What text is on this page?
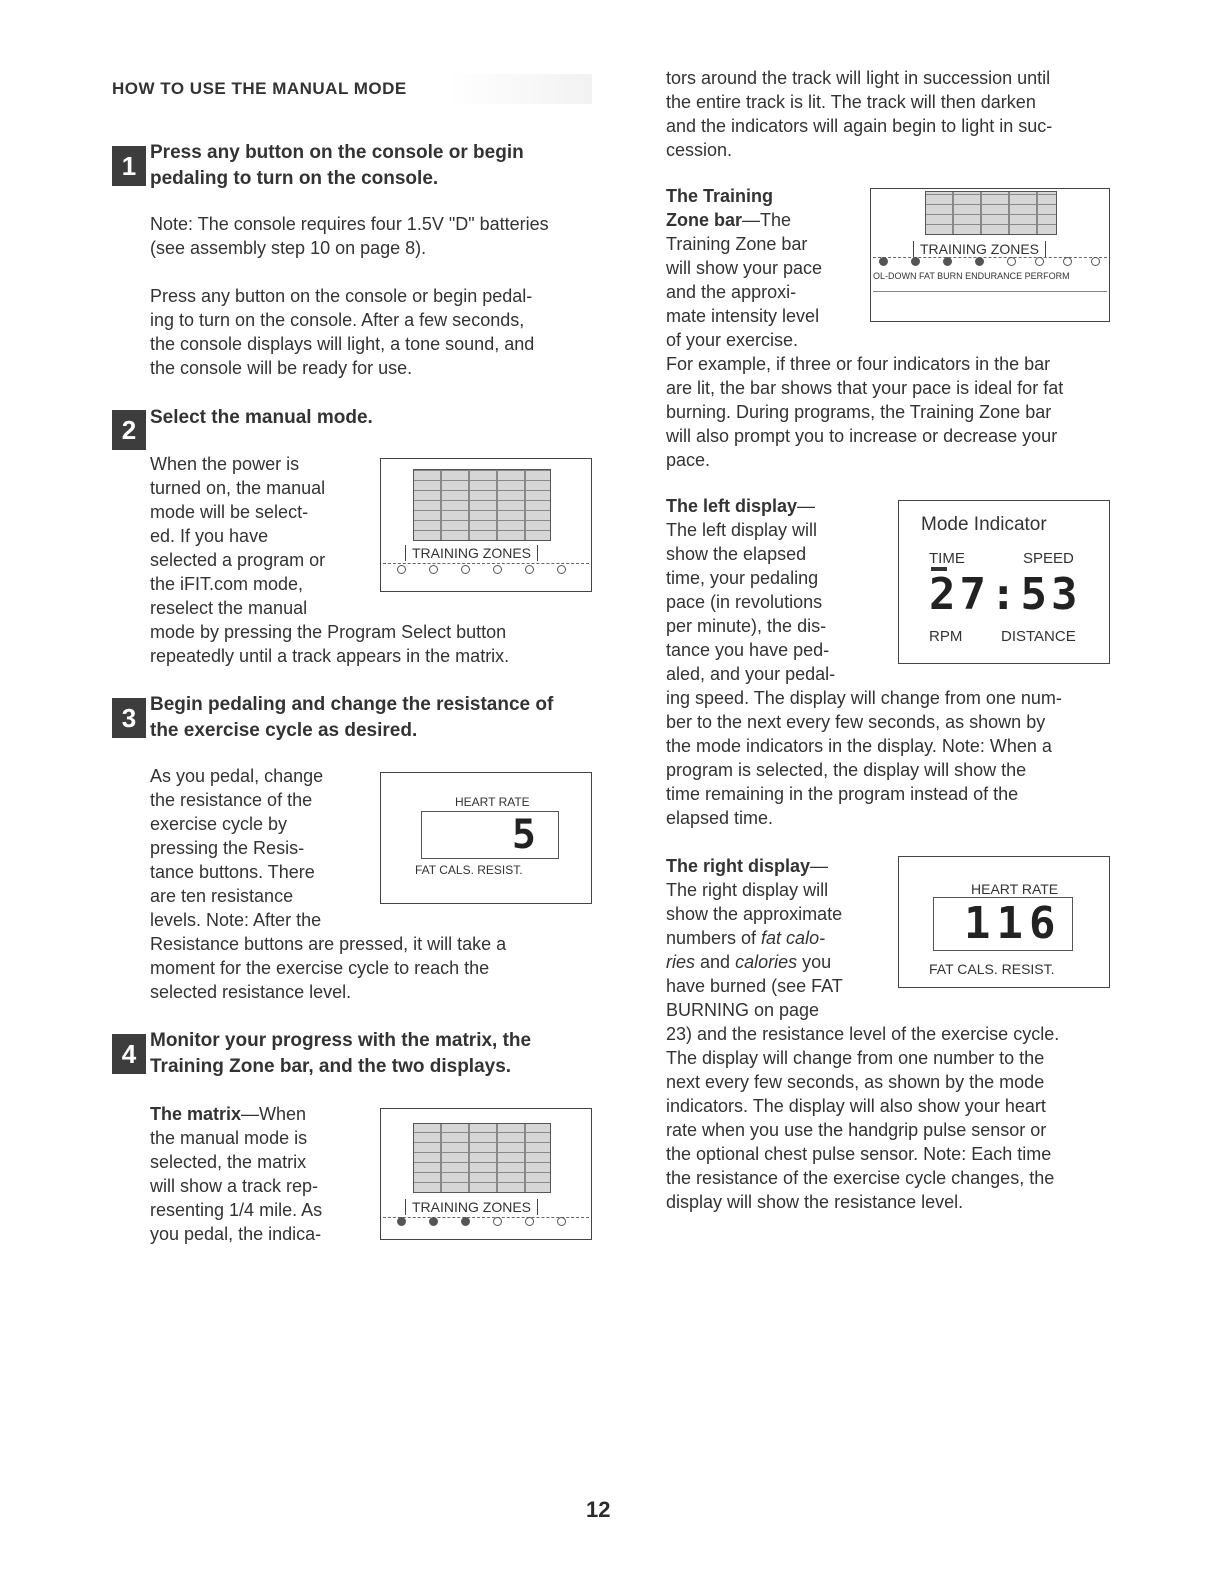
HOW TO USE THE MANUAL MODE
1 Press any button on the console or begin
pedaling to turn on the console.
Note: The console requires four 1.5V "D" batteries
(see assembly step 10 on page 8).
Press any button on the console or begin pedal-
ing to turn on the console. After a few seconds,
the console displays will light, a tone sound, and
the console will be ready for use.
2 Select the manual mode.
When the power is
turned on, the manual
mode will be select-
ed. If you have
selected a program or
the iFIT.com mode,
reselect the manual
mode by pressing the Program Select button
repeatedly until a track appears in the matrix.
TRAINING ZONES
3 Begin pedaling and change the resistance of
the exercise cycle as desired.
As you pedal, change
the resistance of the
exercise cycle by
pressing the Resis-
tance buttons. There
are ten resistance
levels. Note: After the
Resistance buttons are pressed, it will take a
moment for the exercise cycle to reach the
selected resistance level.
HEART RATE
5
FAT CALS. RESIST.
4 Monitor your progress with the matrix, the
Training Zone bar, and the two displays.
The matrix—When
the manual mode is
selected, the matrix
will show a track rep-
resenting 1/4 mile. As
you pedal, the indica-
TRAINING ZONES
tors around the track will light in succession until
the entire track is lit. The track will then darken
and the indicators will again begin to light in suc-
cession.
The Training
Zone bar—The
Training Zone bar
will show your pace
and the approxi-
mate intensity level
of your exercise.
For example, if three or four indicators in the bar
are lit, the bar shows that your pace is ideal for fat
burning. During programs, the Training Zone bar
will also prompt you to increase or decrease your
pace.
TRAINING ZONES
OL-DOWN FAT BURN ENDURANCE PERFORM
The left display—
The left display will
show the elapsed
time, your pedaling
pace (in revolutions
per minute), the dis-
tance you have ped-
aled, and your pedal-
ing speed. The display will change from one num-
ber to the next every few seconds, as shown by
the mode indicators in the display. Note: When a
program is selected, the display will show the
time remaining in the program instead of the
elapsed time.
Mode Indicator
TIME	SPEED
27:53
RPM	DISTANCE
The right display—
The right display will
show the approximate
numbers of fat calo-
ries and calories you
have burned (see FAT
BURNING on page
23) and the resistance level of the exercise cycle.
The display will change from one number to the
next every few seconds, as shown by the mode
indicators. The display will also show your heart
rate when you use the handgrip pulse sensor or
the optional chest pulse sensor. Note: Each time
the resistance of the exercise cycle changes, the
display will show the resistance level.
HEART RATE
116
FAT CALS. RESIST.
12
